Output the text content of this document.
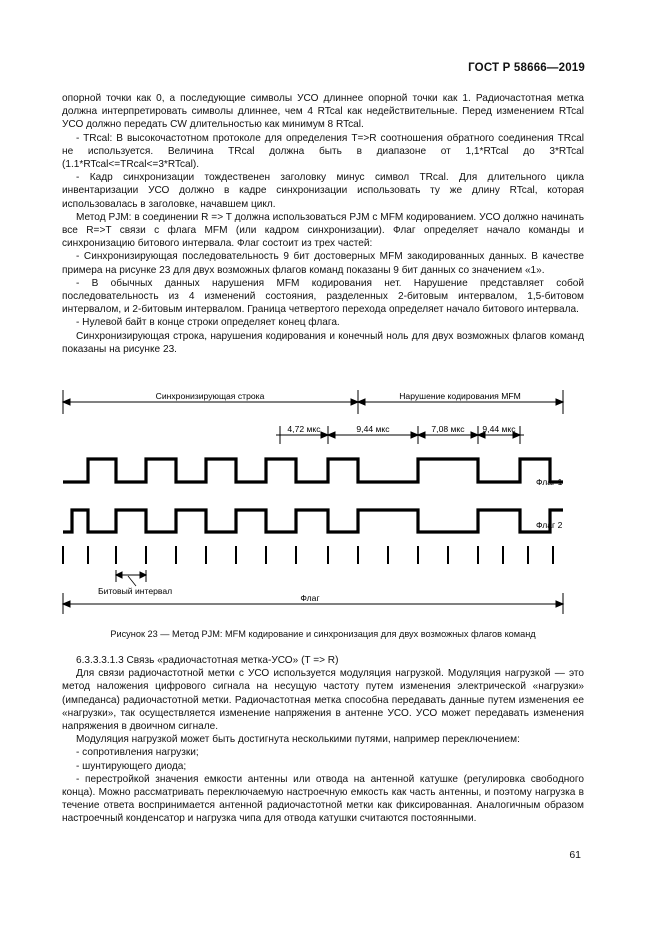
ГОСТ Р 58666—2019

опорной точки как 0, а последующие символы УСО длиннее опорной точки как 1. Радиочастотная метка должна интерпретировать символы длиннее, чем 4 RTcal как недействительные. Перед изменением RTcal УСО должно передать CW длительностью как минимум 8 RTcal.

- TRcal: В высокочастотном протоколе для определения T=>R соотношения обратного соединения TRcal не используется. Величина TRcal должна быть в диапазоне от 1,1*RTcal до 3*RTcal (1.1*RTcal<=TRcal<=3*RTcal).

- Кадр синхронизации тождественен заголовку минус символ TRcal. Для длительного цикла инвентаризации УСО должно в кадре синхронизации использовать ту же длину RTcal, которая использовалась в заголовке, начавшем цикл.

Метод PJM: в соединении R => T должна использоваться PJM с MFM кодированием. УСО должно начинать все R=>T связи с флага MFM (или кадром синхронизации). Флаг определяет начало команды и синхронизацию битового интервала. Флаг состоит из трех частей:

- Синхронизирующая последовательность 9 бит достоверных MFM закодированных данных. В качестве примера на рисунке 23 для двух возможных флагов команд показаны 9 бит данных со значением «1».

- В обычных данных нарушения MFM кодирования нет. Нарушение представляет собой последовательность из 4 изменений состояния, разделенных 2-битовым интервалом, 1,5-битовом интервалом, и 2-битовым интервалом. Граница четвертого перехода определяет начало битового интервала.

- Нулевой байт в конце строки определяет конец флага.

Синхронизирующая строка, нарушения кодирования и конечный ноль для двух возможных флагов команд показаны на рисунке 23.

Синхронизирующая строка	Нарушение кодирования MFM
4,72 мкс	9,44 мкс	7,08 мкс 9,44 мкс
Флаг 1
Флаг 2
Битовый интервал
Флаг
Рисунок 23 — Метод PJM: MFM кодирование и синхронизация для двух возможных флагов команд

6.3.3.3.1.3 Связь «радиочастотная метка-УСО» (T => R)

Для связи радиочастотной метки с УСО используется модуляция нагрузкой. Модуляция нагрузкой — это метод наложения цифрового сигнала на несущую частоту путем изменения электрической «нагрузки» (импеданса) радиочастотной метки. Радиочастотная метка способна передавать данные путем изменения ее «нагрузки», так осуществляется изменение напряжения в антенне УСО. УСО может передавать изменения напряжения в двоичном сигнале.

Модуляция нагрузкой может быть достигнута несколькими путями, например переключением:

- сопротивления нагрузки;

- шунтирующего диода;

- перестройкой значения емкости антенны или отвода на антенной катушке (регулировка свободного конца). Можно рассматривать переключаемую настроечную емкость как часть антенны, и поэтому нагрузка в течение ответа воспринимается антенной радиочастотной метки как фиксированная. Аналогичным образом настроечный конденсатор и нагрузка чипа для отвода катушки считаются постоянными.

61
